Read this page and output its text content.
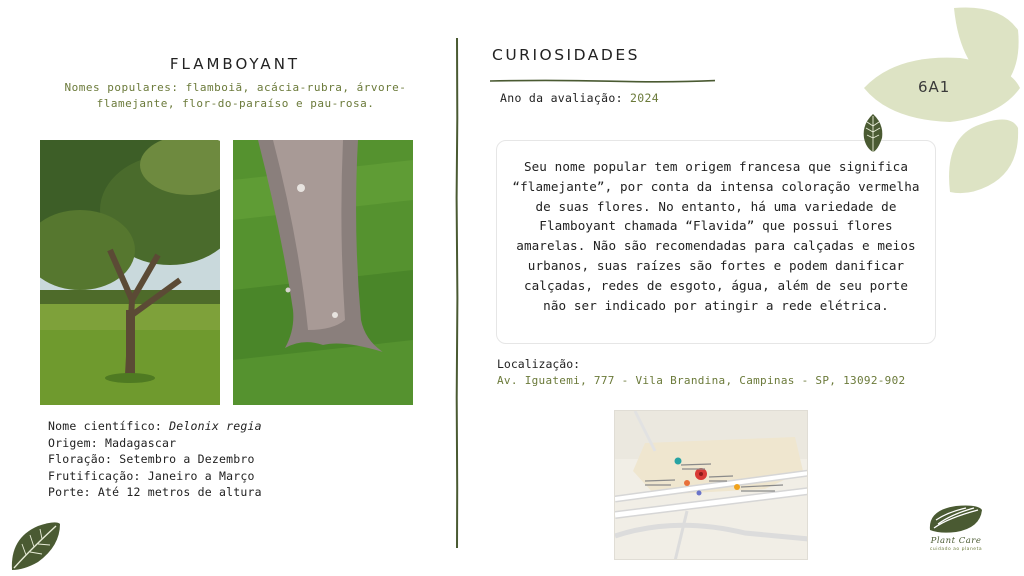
FLAMBOYANT
Nomes populares: flamboiã, acácia-rubra, árvore-flamejante, flor-do-paraíso e pau-rosa.
Nome científico: Delonix regia
Origem: Madagascar
Floração: Setembro a Dezembro
Frutificação: Janeiro a Março
Porte: Até 12 metros de altura
CURIOSIDADES
Ano da avaliação: 2024

Seu nome popular tem origem francesa que significa “flamejante”, por conta da intensa coloração vermelha de suas flores. No entanto, há uma variedade de Flamboyant chamada “Flavida” que possui flores amarelas. Não são recomendadas para calçadas e meios urbanos, suas raízes são fortes e podem danificar calçadas, redes de esgoto, água, além de seu porte não ser indicado por atingir a rede elétrica.

Localização:
Av. Iguatemi, 777 - Vila Brandina, Campinas - SP, 13092-902
6A1
Plant Care
cuidado ao planeta
